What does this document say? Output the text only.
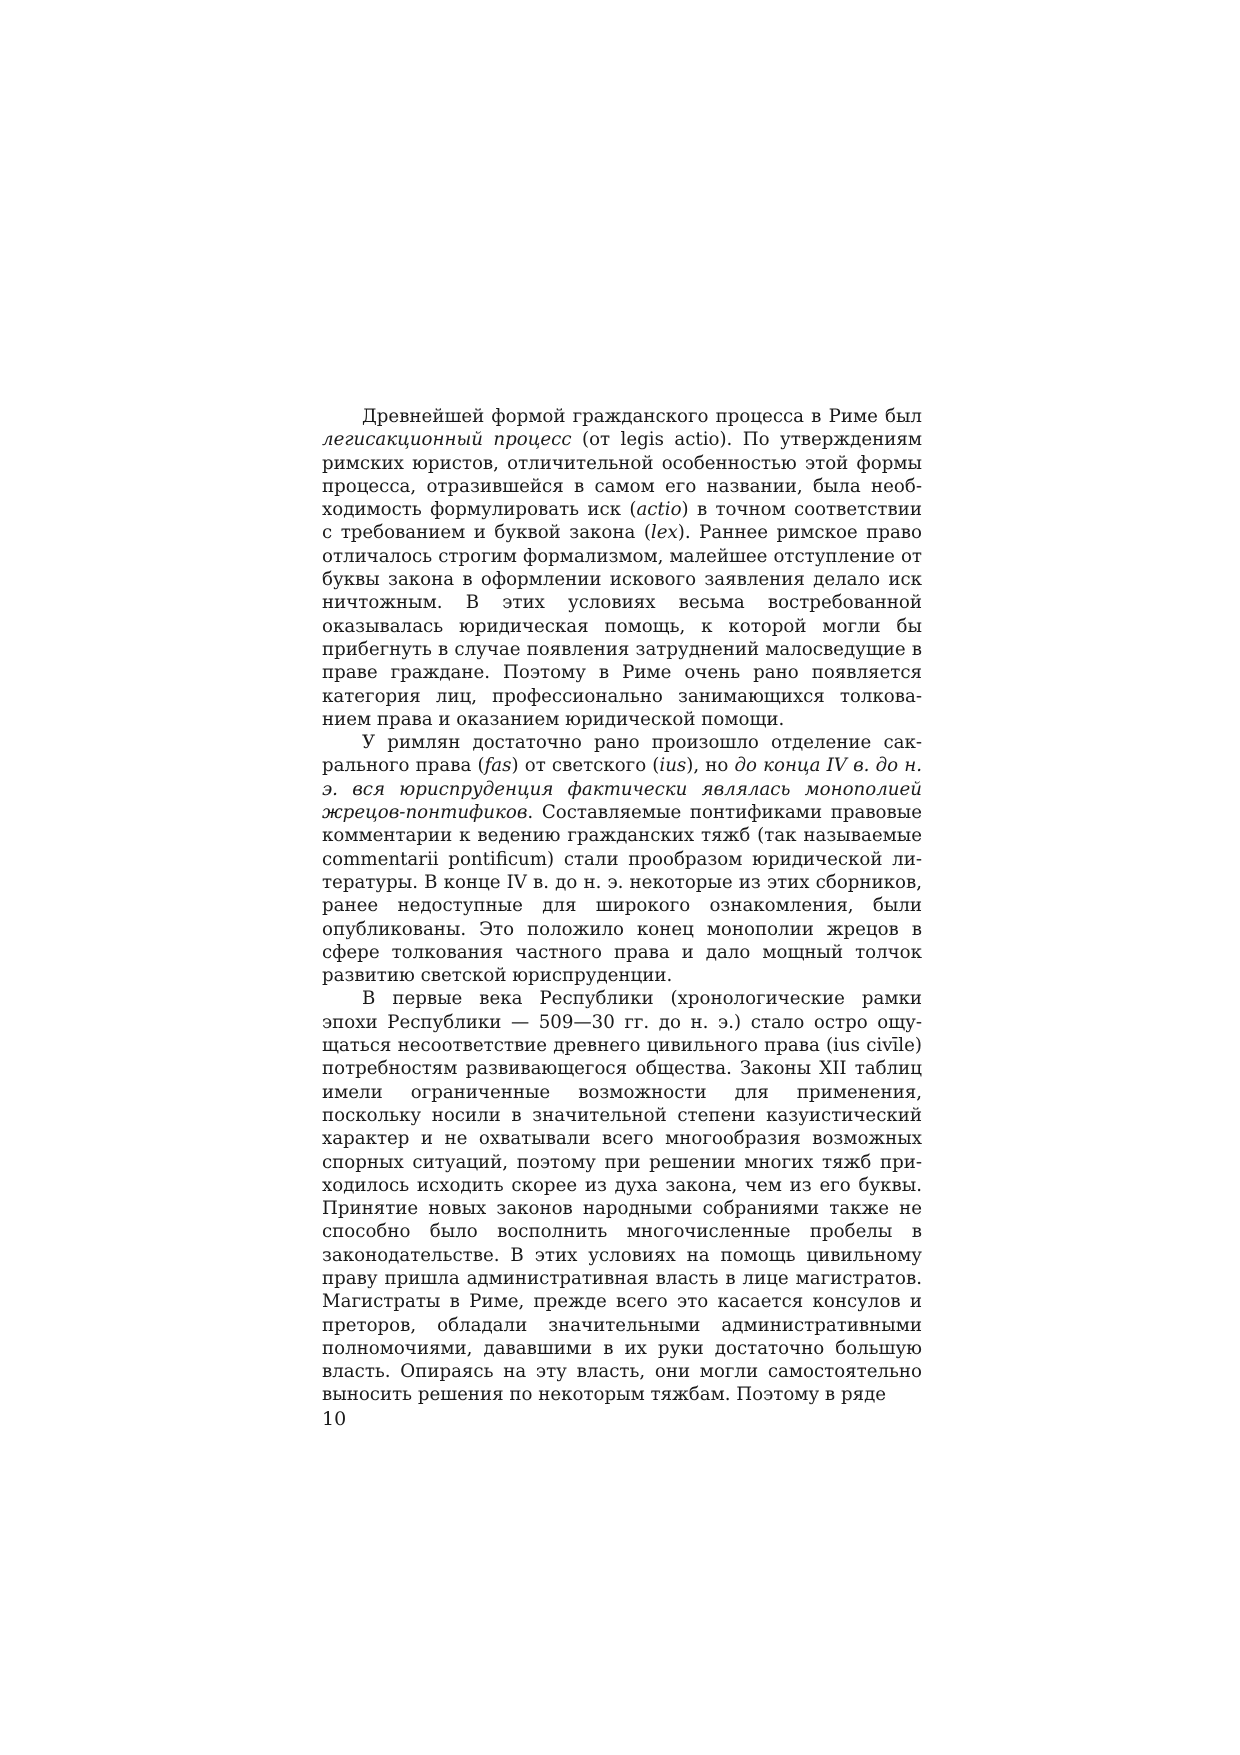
Древнейшей формой гражданского процесса в Риме был легисакционный процесс (от legis actio). По утверждениям римских юристов, отличительной особенностью этой формы процесса, отразившейся в самом его названии, была необходимость формулировать иск (actio) в точном соответствии с требованием и буквой закона (lex). Раннее римское право отличалось строгим формализмом, малейшее отступление от буквы закона в оформлении искового заявления делало иск ничтожным. В этих условиях весьма востребованной оказывалась юридическая помощь, к которой могли бы прибегнуть в случае появления затруднений малосведущие в праве граждане. Поэтому в Риме очень рано появляется категория лиц, профессионально занимающихся толкованием права и оказанием юридической помощи.

У римлян достаточно рано произошло отделение сакрального права (fas) от светского (ius), но до конца IV в. до н. э. вся юриспруденция фактически являлась монополией жрецов-понтификов. Составляемые понтификами правовые комментарии к ведению гражданских тяжб (так называемые commentarii pontificum) стали прообразом юридической литературы. В конце IV в. до н. э. некоторые из этих сборников, ранее недоступные для широкого ознакомления, были опубликованы. Это положило конец монополии жрецов в сфере толкования частного права и дало мощный толчок развитию светской юриспруденции.

В первые века Республики (хронологические рамки эпохи Республики — 509—30 гг. до н. э.) стало остро ощущаться несоответствие древнего цивильного права (ius civīle) потребностям развивающегося общества. Законы XII таблиц имели ограниченные возможности для применения, поскольку носили в значительной степени казуистический характер и не охватывали всего многообразия возможных спорных ситуаций, поэтому при решении многих тяжб приходилось исходить скорее из духа закона, чем из его буквы. Принятие новых законов народными собраниями также не способно было восполнить многочисленные пробелы в законодательстве. В этих условиях на помощь цивильному праву пришла административная власть в лице магистратов. Магистраты в Риме, прежде всего это касается консулов и преторов, обладали значительными административными полномочиями, дававшими в их руки достаточно большую власть. Опираясь на эту власть, они могли самостоятельно выносить решения по некоторым тяжбам. Поэтому в ряде

10
